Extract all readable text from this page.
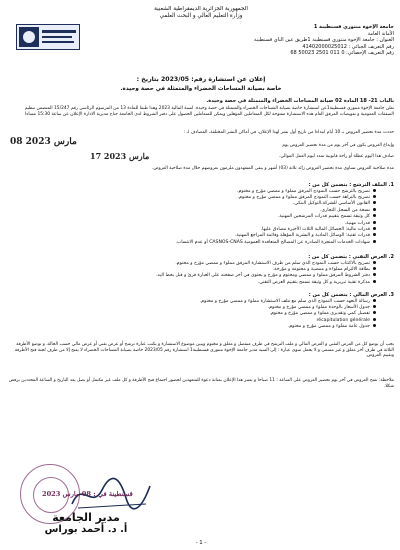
الجمهورية الجزائرية الديمقراطية الشعبية
وزارة التعليم العالي و البحث العلمي
جامعة الإخوة منتوري قسنطينة 1
الأمانة العامة
العنوان : جامعة الإخوة منتوري قسنطينة 1طريق عين الباي قسنطينة
رقم التعريف الجبائي : 41402000025012
رقم التعريف الإحصائي: 0 011 2501 50023 68
إعلان عن استشارة رقم: 2023/05 بتاريخ :
خاصة بصيانة المساحات الخضراء والمتمثلة في حصة وحيدة.
بالباب 21- 18 المادة 02 صيانة المساحات الخضراء والمتمثلة في حصة وحيدة.
تعلن جامعة الإخوة منتوري قسنطينة1عن استشارة خاصة بصيانة المساحات الخضراء والمتمثلة في حصة وحيدة. لسنة المالية 2023 وهذا طبقا للمادة 13 من المرسوم الرئاسي رقم 15/247 المتضمن تنظيم الصفقات العمومية و تفويضات المرفق العام هذه الاستشارة مفتوحة لكل المتعاملين المؤهلين ويمكن للمتعاملين الحصول على دفتر الشروط لدى الجامعة جناح مديرية الادارة الإعلان عن ساعة 15:30 مساءا
حددت مدة تحضير العروض بـ 10 أيام ابتداءا من تاريخ أول نشر لهذا الإعلان، في أماكن النشر المختلفة، المصادف لـ :
08 مارس 2023	وإيداع العروض يكون في آخر يوم من مدة تحضير العروض يوم
17 مارس 2023	صادف هذا اليوم عطلة أو راحة قانونية تمدد ليوم العمل الموالي.
مدة صلاحية العروض تساوي مدة تحضير العروض زائد ثلاثة (03) أشهر و يبقى المتعهدون ملزمون بعروضهم خلال مدة صلاحية العروض.
1. الملف الترشح : يتضمن كل من :
تصريح بالترشح حسب النموذج المرفق مملوء و ممضي مؤرخ و مختوم.
تصريح بالنزاهة حسب النموذج المرفق مملوء و ممضي مؤرخ و مختوم.
القانون الأساسي للشركة،التوكيل البنكي.
نسخة من السجل التجاري.
كل وثيقة تسمح بتقييم قدرات المرشحين المهنية.
قدرات مهنية.
قدرات مالية: الحصائل المالية الثلاث الأخيرة مصادق عليها.
قدرات تقنية: الوسائل المادية و البشرية المؤهلة وقائمة المراجع المهنية.
شهادات الخدمات المنجزة الصادرة عن المصالح المتعاقدة العمومية CASNOS-CNAS أو عدم الانتساب.
2. العرض التقني : يتضمن كل من :
تصريح بالاكتتاب حسب النموذج الذي سلم من طرف الاستشارة المرفق مملوء و ممضي مؤرخ و مختوم.
بطاقة الالتزام مملوءة و ممضية و مختومة و مؤرخة.
دفتر الشروط المرفق مملوء و ممضي ومختوم و مؤرخ و يحتوي في آخر صفحته على العبارة قرئ و قبل بخط اليد.
مذكرة تقنية تبريرية و كل وثيقة تسمح بتقييم العرض التقني.
3. العرض المالي : يتضمن كل من :
رسالة التعهد حسب النموذج الذي سلم مع ملف الاستشارة مملوء و ممضي مؤرخ و مختوم.
جدول الأسعار بالوحدة مملوء و ممضي مؤرخ و مختوم.
تفصيل كمي وتقديري مملوء و ممضي مؤرخ و مختوم.
récapitulation générale
جدول عامة مملوء و ممضي مؤرخ و مختوم.
يجب أن يوضع كل من العرض التقني و العرض المالي و ملف الترشح في ظرف منفصل و مغلق و مختوم ويبين موضوع الاستشارة و يكتب عبارة ترشح أو عرض تقني أو عرض مالي حسب الحالة، و توضع الأظرفة الثلاثة في ظرف آخر مغلق و غير مسمى و لا يحمل سوى عبارة : إلى السيد مدير جامعة الإخوة منتوري قسنطينة1 استشارة رقم 2023/05 خاصة بصيانة المساحات الخضراء لا يفتح إلا من طرف لجنة فتح الأظرفة وتقييم العروض.
ملاحظة: تفتح العروض في آخر يوم تحضير العروض على الساعة : 11 صباحا و يعتبر هذا الإعلان بمثابة دعوة للمتعهدين لحضور اجتماع فتح الأظرفة و كل ملف غير مكتمل أو يصل بعد التاريخ و الساعة المحددين يرفض شكلا.
قسنطينة في : 08 مارس 2023
مدير الجامعة
أ. د. أحمد بوراس
- 1 -
